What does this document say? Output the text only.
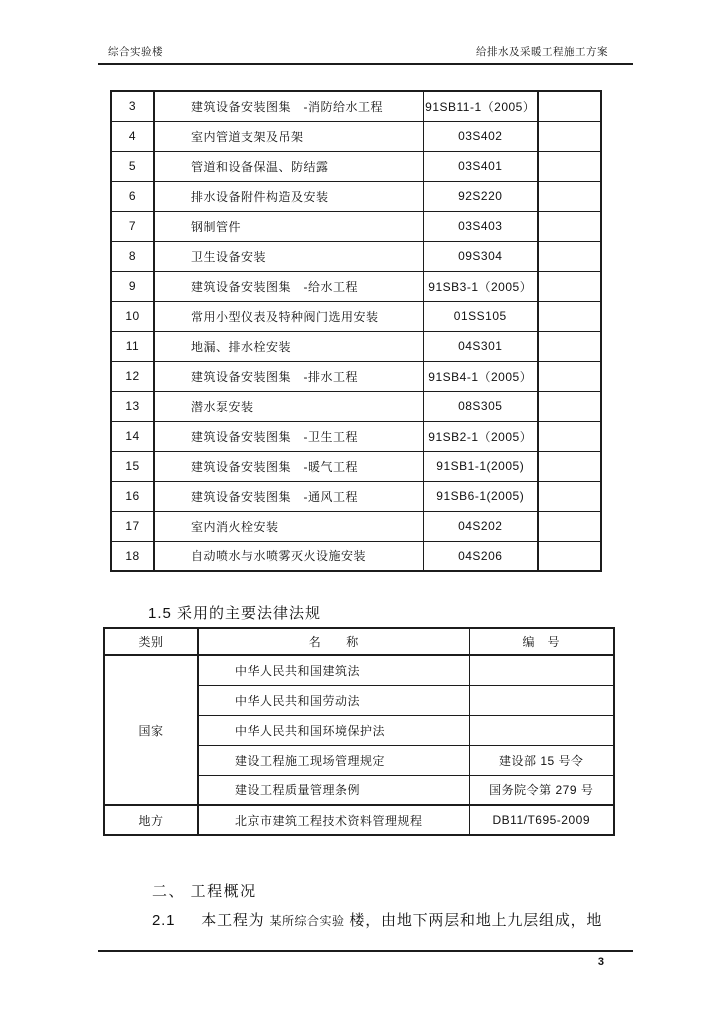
综合实验楼	给排水及采暖工程施工方案
3	建筑设备安装图集　-消防给水工程	91SB11-1（2005）	
4	室内管道支架及吊架	03S402	
5	管道和设备保温、防结露	03S401	
6	排水设备附件构造及安装	92S220	
7	钢制管件	03S403	
8	卫生设备安装	09S304	
9	建筑设备安装图集　-给水工程	91SB3-1（2005）	
10	常用小型仪表及特种阀门选用安装	01SS105	
11	地漏、排水栓安装	04S301	
12	建筑设备安装图集　-排水工程	91SB4-1（2005）	
13	潜水泵安装	08S305	
14	建筑设备安装图集　-卫生工程	91SB2-1（2005）	
15	建筑设备安装图集　-暖气工程	91SB1-1(2005)	
16	建筑设备安装图集　-通风工程	91SB6-1(2005)	
17	室内消火栓安装	04S202	
18	自动喷水与水喷雾灭火设施安装	04S206	
1.5 采用的主要法律法规
类别	名　　称	编　号
国家	中华人民共和国建筑法	
	中华人民共和国劳动法	
	中华人民共和国环境保护法	
	建设工程施工现场管理规定	建设部 15 号令
	建设工程质量管理条例	国务院令第 279 号
地方	北京市建筑工程技术资料管理规程	DB11/T695-2009
二、 工程概况
2.1 本工程为 某所综合实验 楼，由地下两层和地上九层组成，地
3
